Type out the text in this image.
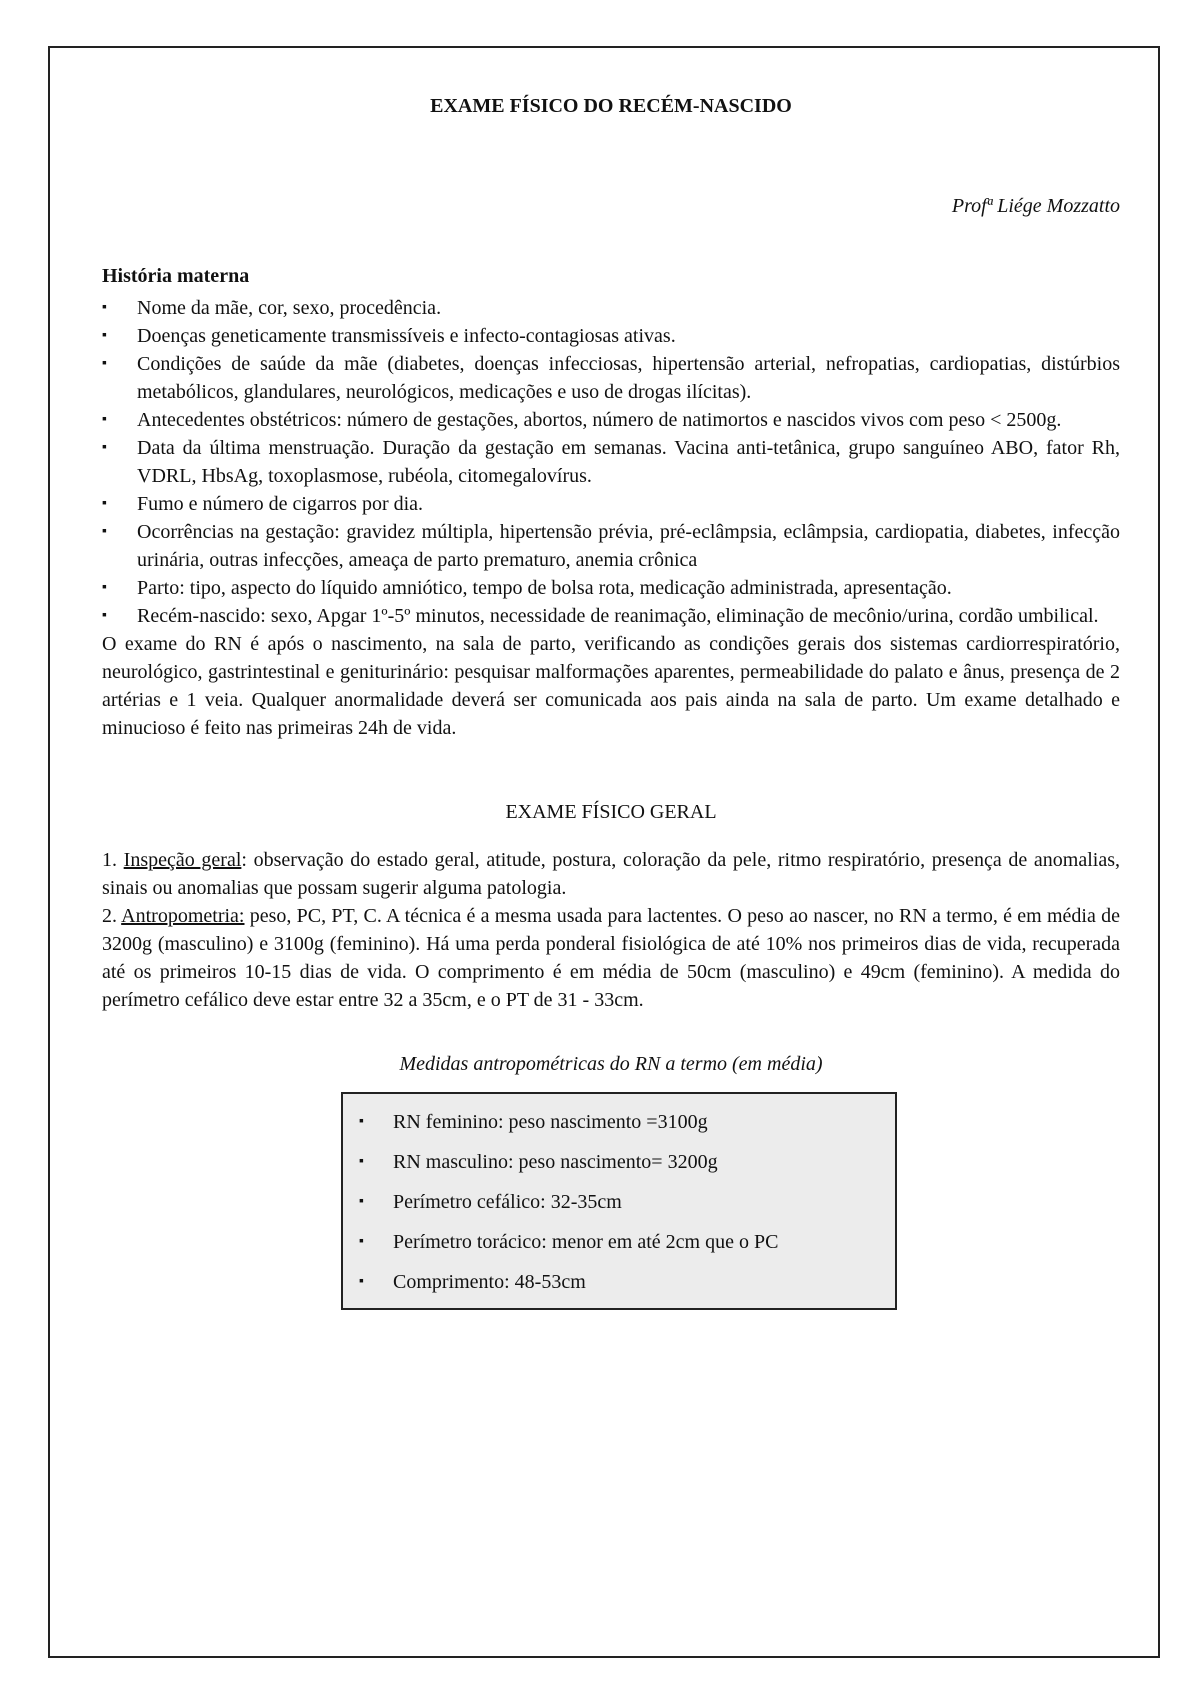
EXAME FÍSICO DO RECÉM-NASCIDO
Profª Liége Mozzatto
História materna
▪ Nome da mãe, cor, sexo, procedência.
▪ Doenças geneticamente transmissíveis e infecto-contagiosas ativas.
▪ Condições de saúde da mãe (diabetes, doenças infecciosas, hipertensão arterial, nefropatias, cardiopatias, distúrbios metabólicos, glandulares, neurológicos, medicações e uso de drogas ilícitas).
▪ Antecedentes obstétricos: número de gestações, abortos, número de natimortos e nascidos vivos com peso < 2500g.
▪ Data da última menstruação. Duração da gestação em semanas. Vacina anti-tetânica, grupo sanguíneo ABO, fator Rh, VDRL, HbsAg, toxoplasmose, rubéola, citomegalovírus.
▪ Fumo e número de cigarros por dia.
▪ Ocorrências na gestação: gravidez múltipla, hipertensão prévia, pré-eclâmpsia, eclâmpsia, cardiopatia, diabetes, infecção urinária, outras infecções, ameaça de parto prematuro, anemia crônica
▪ Parto: tipo, aspecto do líquido amniótico, tempo de bolsa rota, medicação administrada, apresentação.
▪ Recém-nascido: sexo, Apgar 1º-5º minutos, necessidade de reanimação, eliminação de mecônio/urina, cordão umbilical.

O exame do RN é após o nascimento, na sala de parto, verificando as condições gerais dos sistemas cardiorrespiratório, neurológico, gastrintestinal e geniturinário: pesquisar malformações aparentes, permeabilidade do palato e ânus, presença de 2 artérias e 1 veia. Qualquer anormalidade deverá ser comunicada aos pais ainda na sala de parto. Um exame detalhado e minucioso é feito nas primeiras 24h de vida.

EXAME FÍSICO GERAL

1. Inspeção geral: observação do estado geral, atitude, postura, coloração da pele, ritmo respiratório, presença de anomalias, sinais ou anomalias que possam sugerir alguma patologia.

2. Antropometria: peso, PC, PT, C. A técnica é a mesma usada para lactentes. O peso ao nascer, no RN a termo, é em média de 3200g (masculino) e 3100g (feminino). Há uma perda ponderal fisiológica de até 10% nos primeiros dias de vida, recuperada até os primeiros 10-15 dias de vida. O comprimento é em média de 50cm (masculino) e 49cm (feminino). A medida do perímetro cefálico deve estar entre 32 a 35cm, e o PT de 31 - 33cm.

Medidas antropométricas do RN a termo (em média)
▪ RN feminino: peso nascimento =3100g
▪ RN masculino: peso nascimento= 3200g
▪ Perímetro cefálico: 32-35cm
▪ Perímetro torácico: menor em até 2cm que o PC
▪ Comprimento: 48-53cm
